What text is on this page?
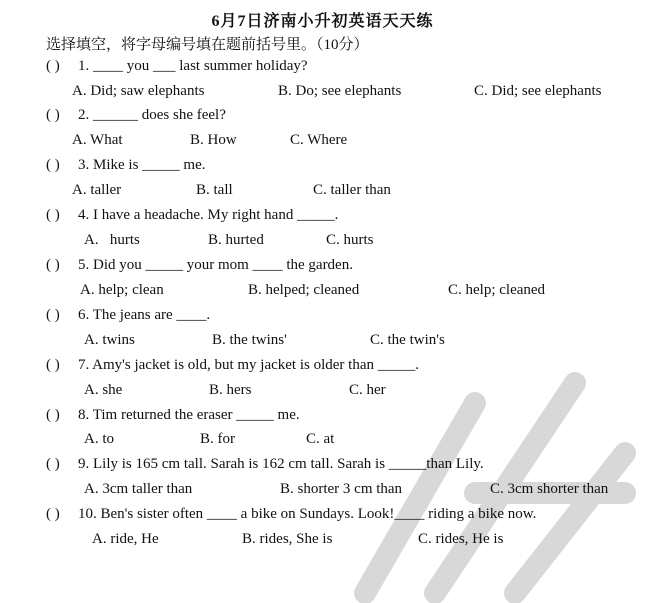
6月7日济南小升初英语天天练
选择填空，将字母编号填在题前括号里。（10分）
( ) 1. ____ you ___ last summer holiday?
A. Did; saw elephants	B. Do; see elephants	C. Did; see elephants
( ) 2. ______ does she feel?
A. What	B. How	C. Where
( ) 3. Mike is _____ me.
A. taller	B. tall	C. taller than
( ) 4. I have a headache. My right hand _____.
A.   hurts	B. hurted	C. hurts
( ) 5. Did you _____ your mom ____ the garden.
A. help; clean	B. helped; cleaned	C. help; cleaned
( ) 6. The jeans are ____.
A. twins	B. the twins'	C. the twin's
( ) 7. Amy's jacket is old, but my jacket is older than _____.
A. she	B. hers	C. her
( ) 8. Tim returned the eraser _____ me.
A. to	B. for	C. at
( ) 9. Lily is 165 cm tall. Sarah is 162 cm tall. Sarah is _____than Lily.
A. 3cm taller than	B. shorter 3 cm than	C. 3cm shorter than
( ) 10. Ben's sister often ____ a bike on Sundays. Look!____ riding a bike now.
A. ride, He	B. rides, She is	C. rides, He is
